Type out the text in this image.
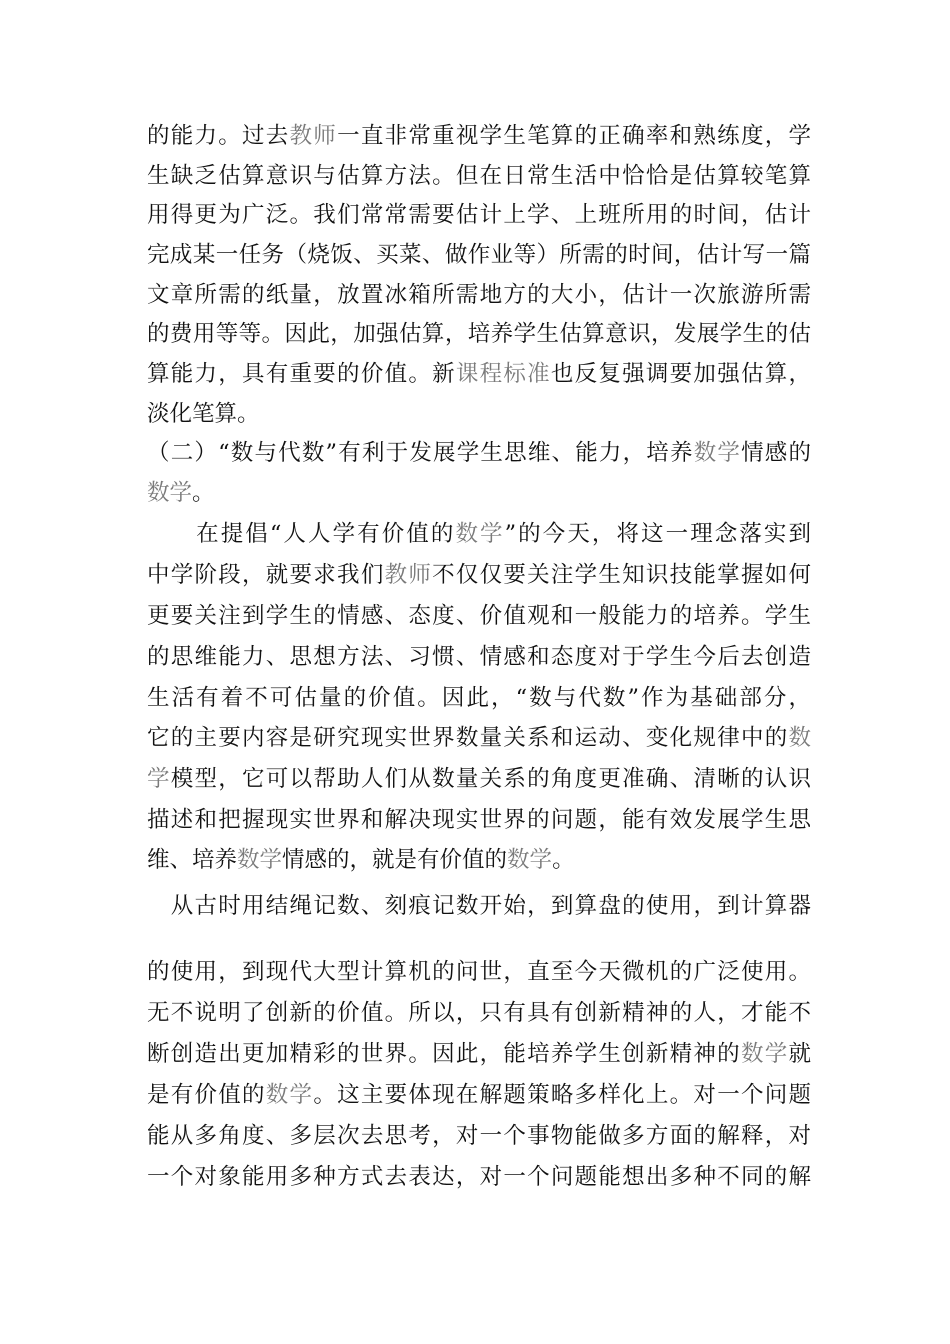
的能力。过去教师一直非常重视学生笔算的正确率和熟练度，学
生缺乏估算意识与估算方法。但在日常生活中恰恰是估算较笔算
用得更为广泛。我们常常需要估计上学、上班所用的时间，估计
完成某一任务（烧饭、买菜、做作业等）所需的时间，估计写一篇
文章所需的纸量，放置冰箱所需地方的大小，估计一次旅游所需
的费用等等。因此，加强估算，培养学生估算意识，发展学生的估
算能力，具有重要的价值。新课程标准也反复强调要加强估算，
淡化笔算。
（二）“数与代数”有利于发展学生思维、能力，培养数学情感的
数学。
　　在提倡“人人学有价值的数学”的今天，将这一理念落实到
中学阶段，就要求我们教师不仅仅要关注学生知识技能掌握如何
更要关注到学生的情感、态度、价值观和一般能力的培养。学生
的思维能力、思想方法、习惯、情感和态度对于学生今后去创造
生活有着不可估量的价值。因此，“数与代数”作为基础部分，
它的主要内容是研究现实世界数量关系和运动、变化规律中的数
学模型，它可以帮助人们从数量关系的角度更准确、清晰的认识
描述和把握现实世界和解决现实世界的问题，能有效发展学生思
维、培养数学情感的，就是有价值的数学。
　从古时用结绳记数、刻痕记数开始，到算盘的使用，到计算器
的使用，到现代大型计算机的问世，直至今天微机的广泛使用。
无不说明了创新的价值。所以，只有具有创新精神的人，才能不
断创造出更加精彩的世界。因此，能培养学生创新精神的数学就
是有价值的数学。这主要体现在解题策略多样化上。对一个问题
能从多角度、多层次去思考，对一个事物能做多方面的解释，对
一个对象能用多种方式去表达，对一个问题能想出多种不同的解
